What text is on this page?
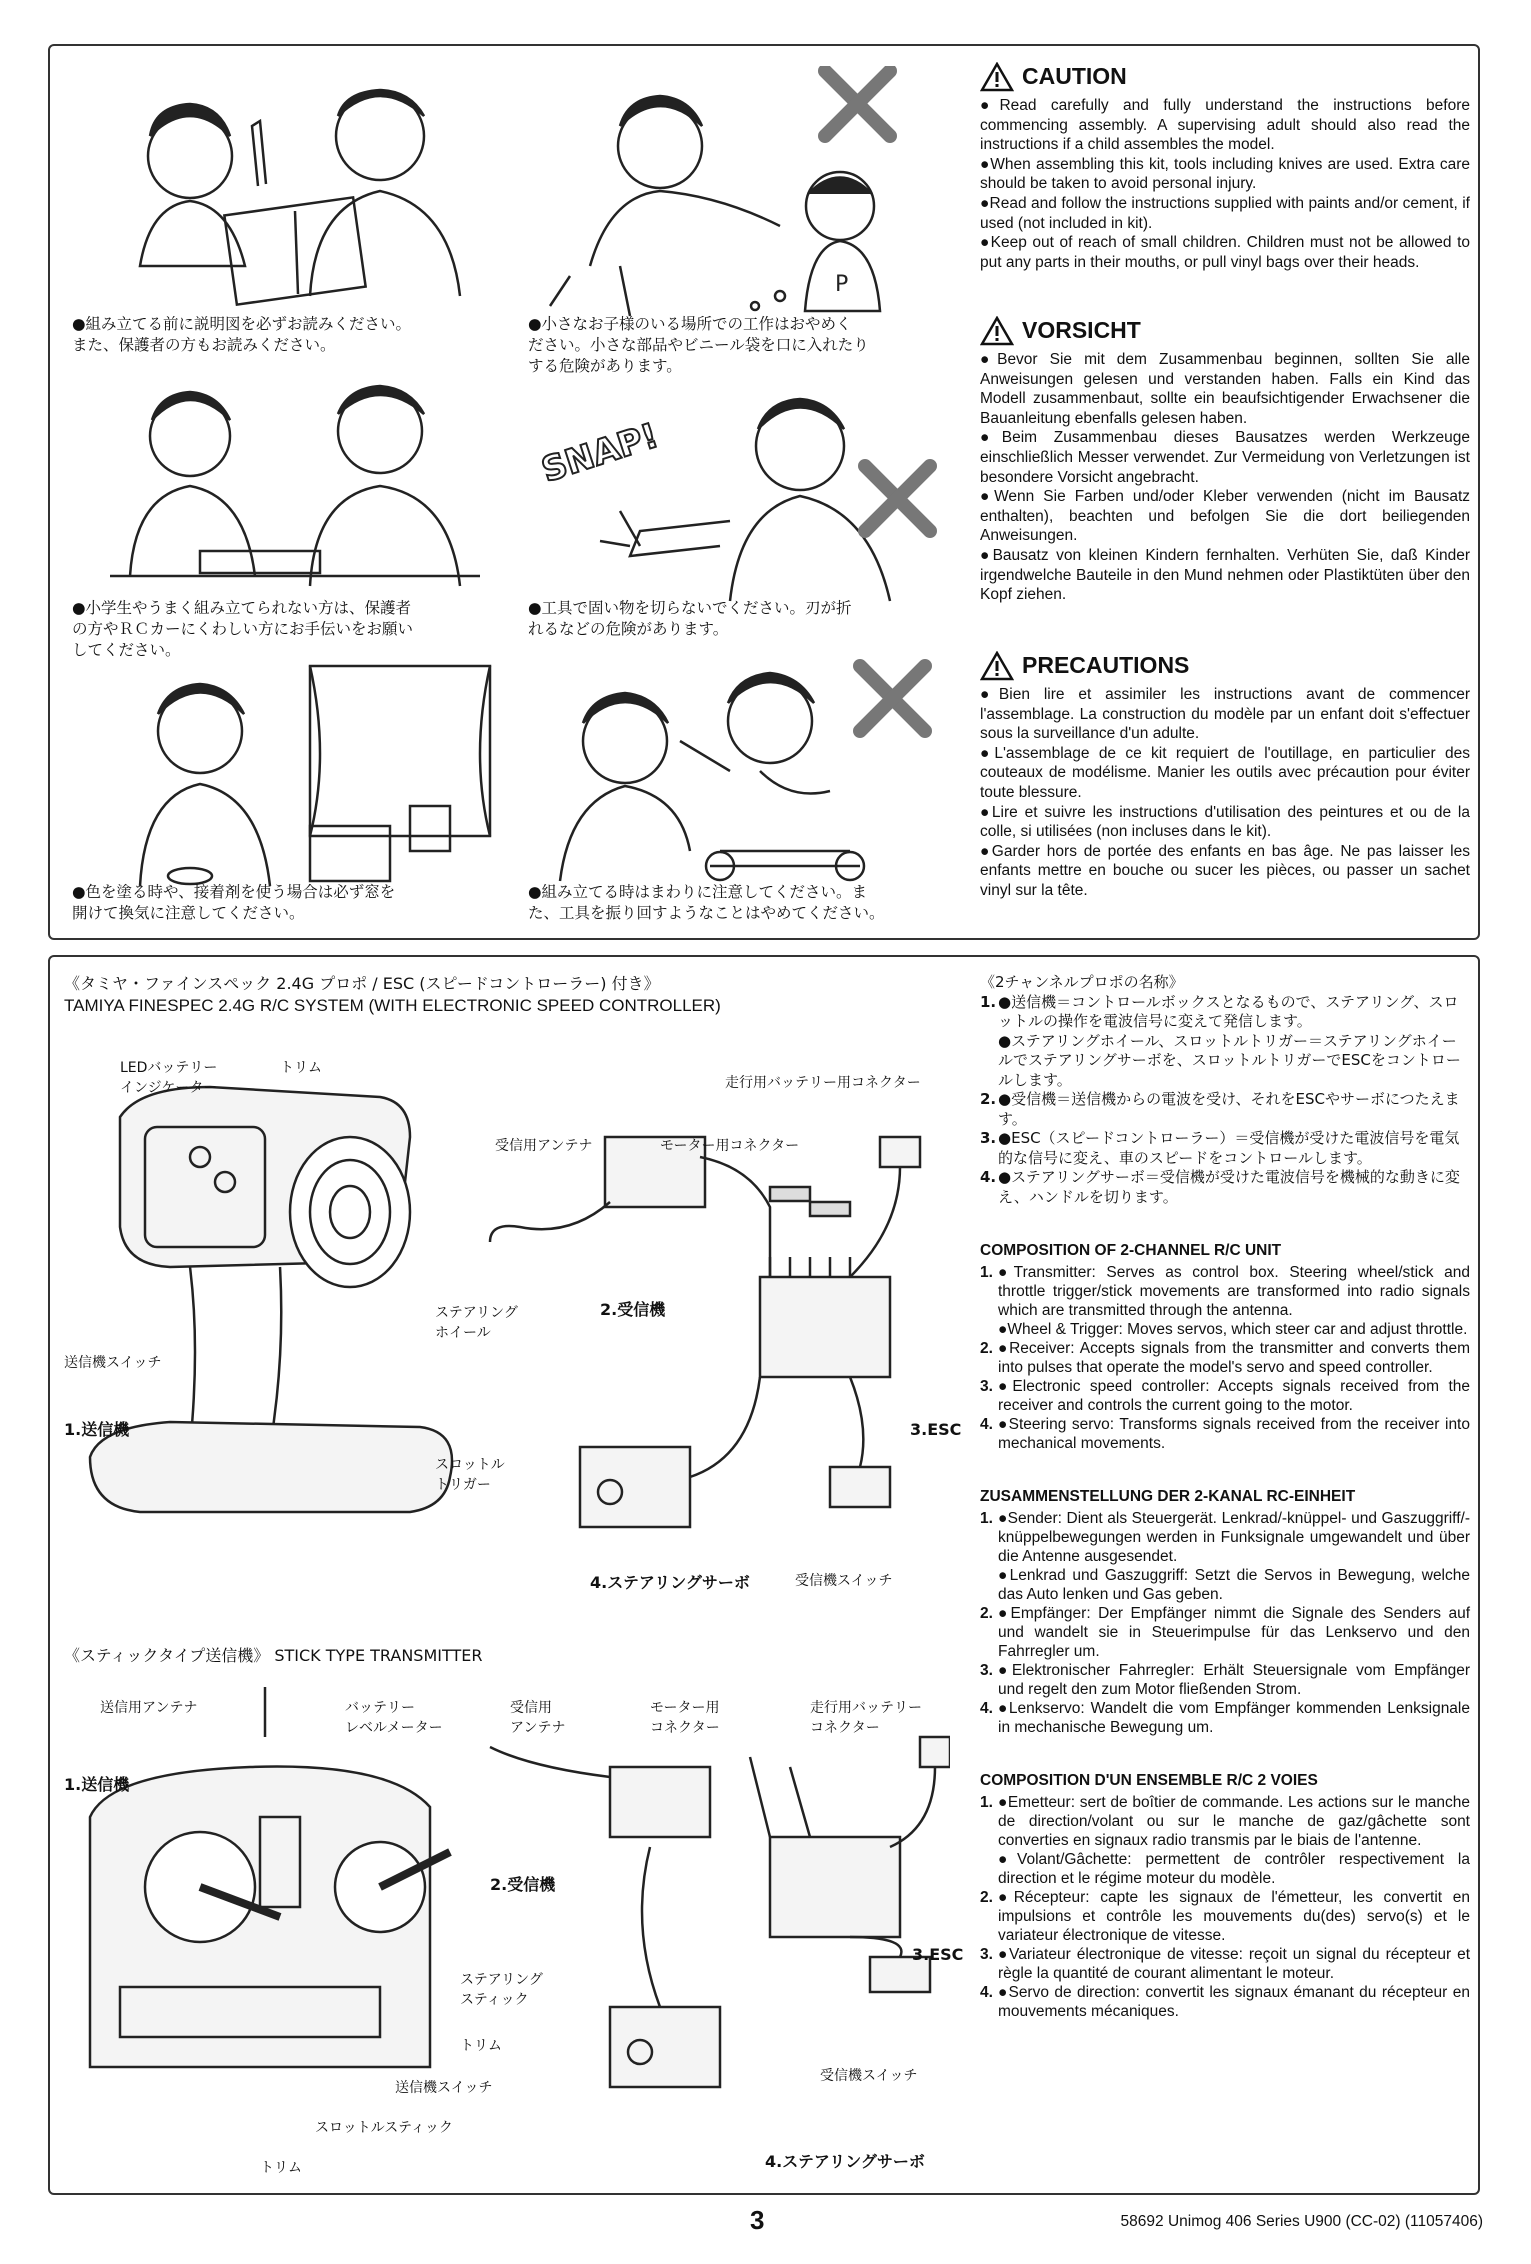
●組み立てる前に説明図を必ずお読みください。
また、保護者の方もお読みください。
P
●小さなお子様のいる場所での工作はおやめく
ださい。小さな部品やビニール袋を口に入れたり
する危険があります。
●小学生やうまく組み立てられない方は、保護者
の方やＲＣカーにくわしい方にお手伝いをお願い
してください。
SNAP!
●工具で固い物を切らないでください。刃が折
れるなどの危険があります。
●色を塗る時や、接着剤を使う場合は必ず窓を
開けて換気に注意してください。
●組み立てる時はまわりに注意してください。ま
た、工具を振り回すようなことはやめてください。
CAUTION
●Read carefully and fully understand the instructions before commencing assembly. A supervising adult should also read the instructions if a child assembles the model.
●When assembling this kit, tools including knives are used. Extra care should be taken to avoid personal injury.
●Read and follow the instructions supplied with paints and/or cement, if used (not included in kit).
●Keep out of reach of small children. Children must not be allowed to put any parts in their mouths, or pull vinyl bags over their heads.
VORSICHT
●Bevor Sie mit dem Zusammenbau beginnen, sollten Sie alle Anweisungen gelesen und verstanden haben. Falls ein Kind das Modell zusammenbaut, sollte ein beaufsichtigender Erwachsener die Bauanleitung ebenfalls gelesen haben.
●Beim Zusammenbau dieses Bausatzes werden Werkzeuge einschließlich Messer verwendet. Zur Vermeidung von Verletzungen ist besondere Vorsicht angebracht.
●Wenn Sie Farben und/oder Kleber verwenden (nicht im Bausatz enthalten), beachten und befolgen Sie die dort beiliegenden Anweisungen.
●Bausatz von kleinen Kindern fernhalten. Verhüten Sie, daß Kinder irgendwelche Bauteile in den Mund nehmen oder Plastiktüten über den Kopf ziehen.
PRECAUTIONS
●Bien lire et assimiler les instructions avant de commencer l'assemblage. La construction du modèle par un enfant doit s'effectuer sous la surveillance d'un adulte.
●L'assemblage de ce kit requiert de l'outillage, en particulier des couteaux de modélisme. Manier les outils avec précaution pour éviter toute blessure.
●Lire et suivre les instructions d'utilisation des peintures et ou de la colle, si utilisées (non incluses dans le kit).
●Garder hors de portée des enfants en bas âge. Ne pas laisser les enfants mettre en bouche ou sucer les pièces, ou passer un sachet vinyl sur la tête.
《タミヤ・ファインスペック 2.4G プロポ / ESC (スピードコントローラー) 付き》
TAMIYA FINESPEC 2.4G R/C SYSTEM (WITH ELECTRONIC SPEED CONTROLLER)
LEDバッテリー
インジケーター
トリム
走行用バッテリー用コネクター
受信用アンテナ	モーター用コネクター
ステアリング
ホイール
2.受信機
送信機スイッチ
1.送信機	3.ESC
スロットル
トリガー
4.ステアリングサーボ	受信機スイッチ
《スティックタイプ送信機》 STICK TYPE TRANSMITTER
送信用アンテナ	バッテリー
レベルメーター
受信用
アンテナ
モーター用
コネクター
走行用バッテリー
コネクター
1.送信機
2.受信機
3.ESC
ステアリング
スティック
トリム
送信機スイッチ
スロットルスティック
トリム
受信機スイッチ
4.ステアリングサーボ
《2チャンネルプロポの名称》
1. ●送信機＝コントロールボックスとなるもので、ステアリング、スロットルの操作を電波信号に変えて発信します。
●ステアリングホイール、スロットルトリガー＝ステアリングホイールでステアリングサーボを、スロットルトリガーでESCをコントロールします。
2. ●受信機＝送信機からの電波を受け、それをESCやサーボにつたえます。
3. ●ESC（スピードコントローラー）＝受信機が受けた電波信号を電気的な信号に変え、車のスピードをコントロールします。
4. ●ステアリングサーボ＝受信機が受けた電波信号を機械的な動きに変え、ハンドルを切ります。
COMPOSITION OF 2-CHANNEL R/C UNIT
1. ●Transmitter: Serves as control box. Steering wheel/stick and throttle trigger/stick movements are transformed into radio signals which are transmitted through the antenna.
●Wheel & Trigger: Moves servos, which steer car and adjust throttle.
2. ●Receiver: Accepts signals from the transmitter and converts them into pulses that operate the model's servo and speed controller.
3. ●Electronic speed controller: Accepts signals received from the receiver and controls the current going to the motor.
4. ●Steering servo: Transforms signals received from the receiver into mechanical movements.
ZUSAMMENSTELLUNG DER 2-KANAL RC-EINHEIT
1. ●Sender: Dient als Steuergerät. Lenkrad/-knüppel- und Gaszuggriff/- knüppelbewegungen werden in Funksignale umgewandelt und über die Antenne ausgesendet.
●Lenkrad und Gaszuggriff: Setzt die Servos in Bewegung, welche das Auto lenken und Gas geben.
2. ●Empfänger: Der Empfänger nimmt die Signale des Senders auf und wandelt sie in Steuerimpulse für das Lenkservo und den Fahrregler um.
3. ●Elektronischer Fahrregler: Erhält Steuersignale vom Empfänger und regelt den zum Motor fließenden Strom.
4. ●Lenkservo: Wandelt die vom Empfänger kommenden Lenksignale in mechanische Bewegung um.
COMPOSITION D'UN ENSEMBLE R/C 2 VOIES
1. ●Emetteur: sert de boîtier de commande. Les actions sur le manche de direction/volant ou sur le manche de gaz/gâchette sont converties en signaux radio transmis par le biais de l'antenne.
●Volant/Gâchette: permettent de contrôler respectivement la direction et le régime moteur du modèle.
2. ●Récepteur: capte les signaux de l'émetteur, les convertit en impulsions et contrôle les mouvements du(des) servo(s) et le variateur électronique de vitesse.
3. ●Variateur électronique de vitesse: reçoit un signal du récepteur et règle la quantité de courant alimentant le moteur.
4. ●Servo de direction: convertit les signaux émanant du récepteur en mouvements mécaniques.
3	58692 Unimog 406 Series U900 (CC-02) (11057406)
